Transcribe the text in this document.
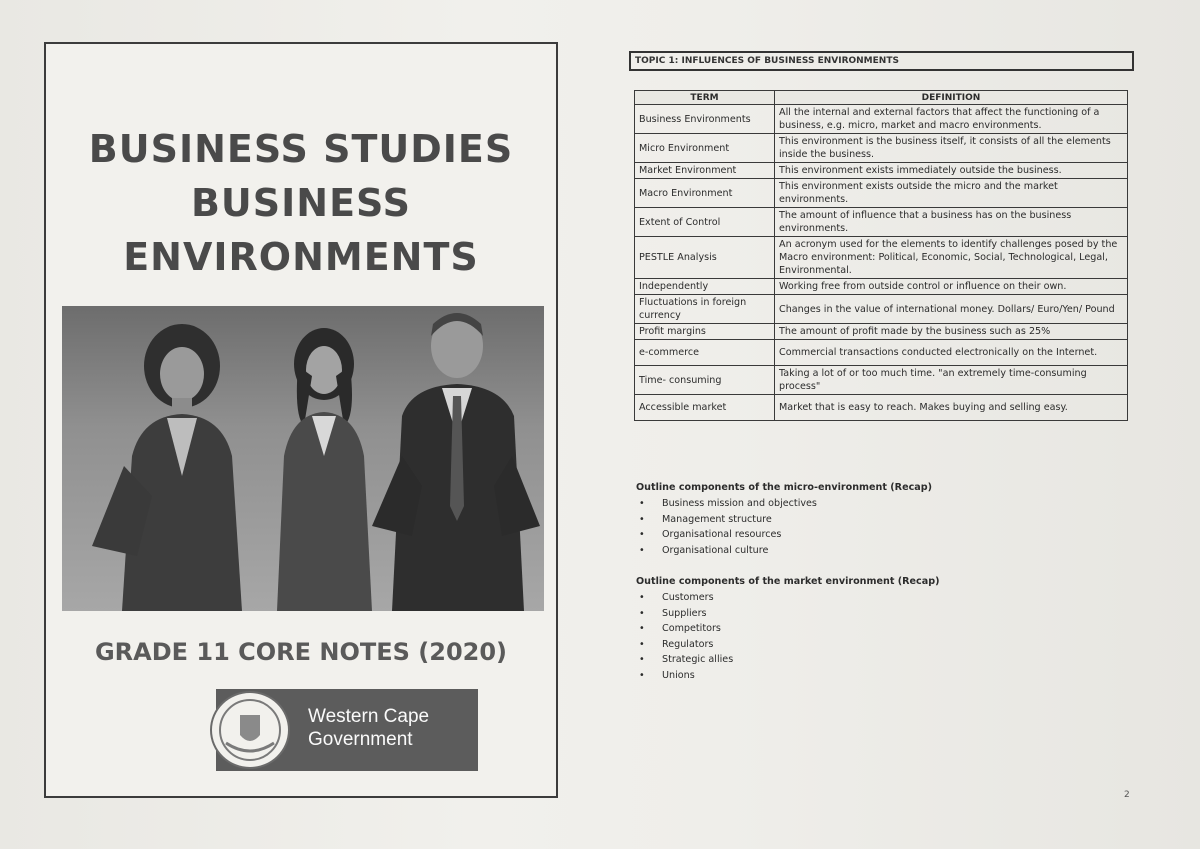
BUSINESS STUDIES
BUSINESS
ENVIRONMENTS
GRADE 11 CORE NOTES (2020)
Western Cape
Government
TOPIC 1: INFLUENCES OF BUSINESS ENVIRONMENTS
TERM	DEFINITION
Business Environments	All the internal and external factors that affect the functioning of a business, e.g. micro, market and macro environments.
Micro Environment	This environment is the business itself, it consists of all the elements inside the business.
Market Environment	This environment exists immediately outside the business.
Macro Environment	This environment exists outside the micro and the market environments.
Extent of Control	The amount of influence that a business has on the business environments.
PESTLE Analysis	An acronym used for the elements to identify challenges posed by the Macro environment: Political, Economic, Social, Technological, Legal, Environmental.
Independently	Working free from outside control or influence on their own.
Fluctuations in foreign currency	Changes in the value of international money. Dollars/ Euro/Yen/ Pound
Profit margins	The amount of profit made by the business such as 25%
e-commerce	Commercial transactions conducted electronically on the Internet.
Time- consuming	Taking a lot of or too much time. "an extremely time-consuming process"
Accessible market	Market that is easy to reach. Makes buying and selling easy.
Outline components of the micro-environment (Recap)
• Business mission and objectives
• Management structure
• Organisational resources
• Organisational culture
Outline components of the market environment (Recap)
• Customers
• Suppliers
• Competitors
• Regulators
• Strategic allies
• Unions
2
